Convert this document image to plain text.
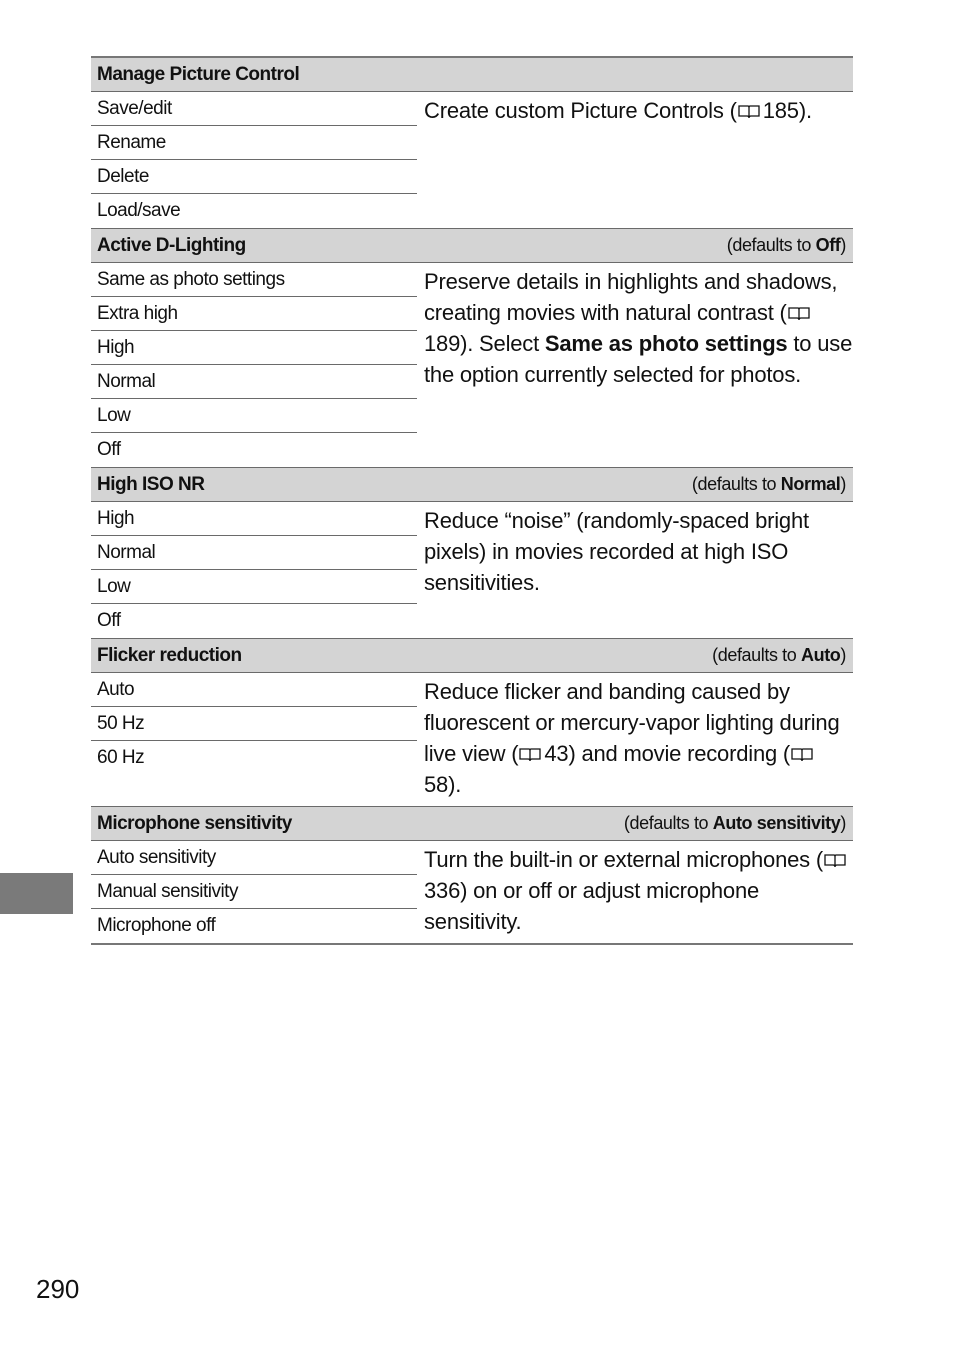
Manage Picture Control
Save/edit
Rename
Delete
Load/save
Create custom Picture Controls ( 185).
Active D-Lighting	(defaults to Off)
Same as photo settings
Extra high
High
Normal
Low
Off
Preserve details in highlights and shadows, creating movies with natural contrast (
189). Select Same as photo settings to use the option currently selected for photos.
High ISO NR	(defaults to Normal)
High
Normal
Low
Off
Reduce “noise” (randomly-spaced bright pixels) in movies recorded at high ISO sensitivities.
Flicker reduction	(defaults to Auto)
Auto
50 Hz
60 Hz
Reduce flicker and banding caused by fluorescent or mercury-vapor lighting during live view ( 43) and movie recording (
58).
Microphone sensitivity	(defaults to Auto sensitivity)
Auto sensitivity
Manual sensitivity
Microphone off
Turn the built-in or external microphones (
336) on or off or adjust microphone sensitivity.
290
